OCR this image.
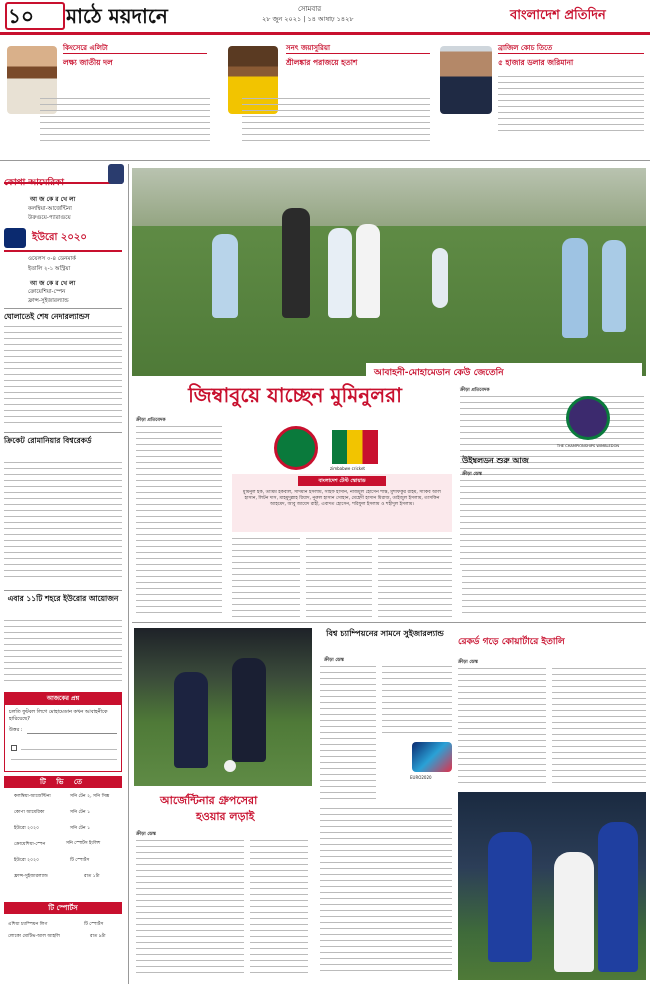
১০ মাঠে ময়দানে	সোমবার
২৮ জুন ২০২১ | ১৪ আষাঢ় ১৪২৮	বাংলাদেশ প্রতিদিন
কিংসেরে এলিটা
লক্ষ্য জাতীয় দল
সনৎ জয়াসুরিয়া
শ্রীলঙ্কার পরাজয়ে হতাশ
ব্রাজিল কোচ তিতে
৫ হাজার ডলার জরিমানা
কোপা আমেরিকা
আ জ কে র খে লা
কলম্বিয়া-আর্জেন্টিনা
উরুগুয়ে-প্যারাগুয়ে
ইউরো ২০২০
ওয়েলস ০-৪ ডেনমার্ক
ইতালি ২-১ অস্ট্রিয়া
আ জ কে র খে লা
ক্রোয়েশিয়া-স্পেন
ফ্রান্স-সুইজারল্যান্ড
ঘোলাতেই শেষ নেদারল্যান্ডস
ক্রিকেট রোমানিয়ার বিশ্বরেকর্ড
এবার ১১টি শহরে ইউরোর আয়োজন
আজকের প্রশ্ন
চলতি ফুটবল লিগে মোহামেডান কখন আবাহনীকে হারিয়েছে?
উত্তর :
টি ভি তে
কলম্বিয়া-আর্জেন্টিনা	সনি টেন ২, সনি সিক্স
কোপা আমেরিকা	সনি টেন ১
ইউরো ২০২০	সনি টেন ১
ক্রোয়েশিয়া-স্পেন	সনি স্পোর্টস ইংলিশ
ইউরো ২০২০	টি স্পোর্টস
ফ্রান্স-সুইজারল্যান্ড	রাত ১টা
টি স্পোর্টস
এশিয়া চ্যাম্পিয়ন লিগ	টি স্পোর্টস
লোকো মোটিভ-আল আহলি	রাত ৯টা
আবাহনী-মোহামেডান কেউ জেতেনি
ক্রীড়া প্রতিবেদক
জিম্বাবুয়ে যাচ্ছেন মুমিনুলরা
ক্রীড়া প্রতিবেদক
zimbabwe cricket
বাংলাদেশ টেস্ট স্কোয়াড
মুমিনুল হক, তামিম ইকবাল, সাদমান ইসলাম, সাইফ হাসান, নাজমুল হোসেন শান্ত, মুশফিকুর রহিম, সাকিব আল হাসান, লিটন দাস, মাহমুদুল্লাহ রিয়াদ, নুরুল হাসান সোহান, মেহেদী হাসান মিরাজ, তাইজুল ইসলাম, তাসকিন আহমেদ, আবু জায়েদ রাহী, এবাদত হোসেন, শরিফুল ইসলাম ও শহীদুল ইসলাম।
THE CHAMPIONSHIPS WIMBLEDON
উইম্বলডন শুরু আজ
ক্রীড়া ডেস্ক
আর্জেন্টিনার গ্রুপসেরা
হওয়ার লড়াই
ক্রীড়া ডেস্ক
বিশ্ব চ্যাম্পিয়নের সামনে সুইজারল্যান্ড
ক্রীড়া ডেস্ক
EURO2020
রেকর্ড গড়ে কোয়ার্টারে ইতালি
ক্রীড়া ডেস্ক
